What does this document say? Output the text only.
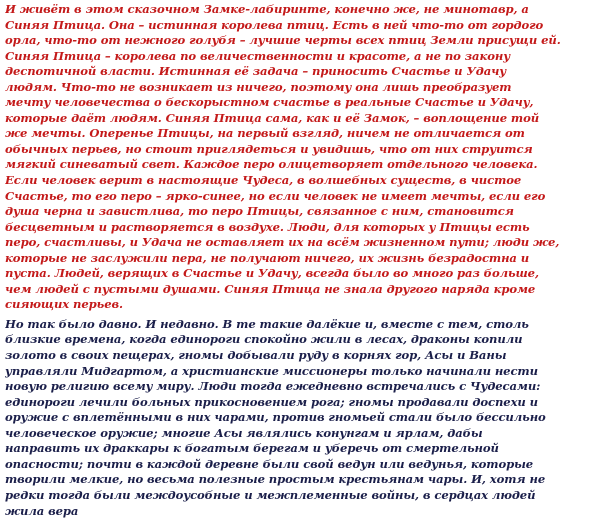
И живёт в этом сказочном Замке-лабиринте, конечно же, не минотавр, а
Синяя Птица. Она – истинная королева птиц. Есть в ней что-то от гордого
орла, что-то от нежного голубя – лучшие черты всех птиц Земли присущи ей.
Синяя Птица – королева по величественности и красоте, а не по закону
деспотичной власти. Истинная её задача – приносить Счастье и Удачу
людям. Что-то не возникает из ничего, поэтому она лишь преобразует
мечту человечества о бескорыстном счастье в реальные Счастье и Удачу,
которые даёт людям. Синяя Птица сама, как и её Замок, – воплощение той
же мечты. Оперенье Птицы, на первый взгляд, ничем не отличается от
обычных перьев, но стоит приглядеться и увидишь, что от них струится
мягкий синеватый свет. Каждое перо олицетворяет отдельного человека.
Если человек верит в настоящие Чудеса, в волшебных существ, в чистое
Счастье, то его перо – ярко-синее, но если человек не имеет мечты, если его
душа черна и завистлива, то перо Птицы, связанное с ним, становится
бесцветным и растворяется в воздухе. Люди, для которых у Птицы есть
перо, счастливы, и Удача не оставляет их на всём жизненном пути; люди же,
которые не заслужили пера, не получают ничего, их жизнь безрадостна и
пуста. Людей, верящих в Счастье и Удачу, всегда было во много раз больше,
чем людей с пустыми душами. Синяя Птица не знала другого наряда кроме
сияющих перьев.
Но так было давно. И недавно. В те такие далёкие и, вместе с тем, столь
близкие времена, когда единороги спокойно жили в лесах, драконы копили
золото в своих пещерах, гномы добывали руду в корнях гор, Асы и Ваны
управляли Мидгартом, а христианские миссионеры только начинали нести
новую религию всему миру. Люди тогда ежедневно встречались с Чудесами:
единороги лечили больных прикосновением рога; гномы продавали доспехи и
оружие с вплетёнными в них чарами, против гномьей стали было бессильно
человеческое оружие; многие Асы являлись конунгам и ярлам, дабы
направить их драккары к богатым берегам и уберечь от смертельной
опасности; почти в каждой деревне были свой ведун или ведунья, которые
творили мелкие, но весьма полезные простым крестьянам чары. И, хотя не
редки тогда были междоусобные и межплеменные войны, в сердцах людей
жила вера
